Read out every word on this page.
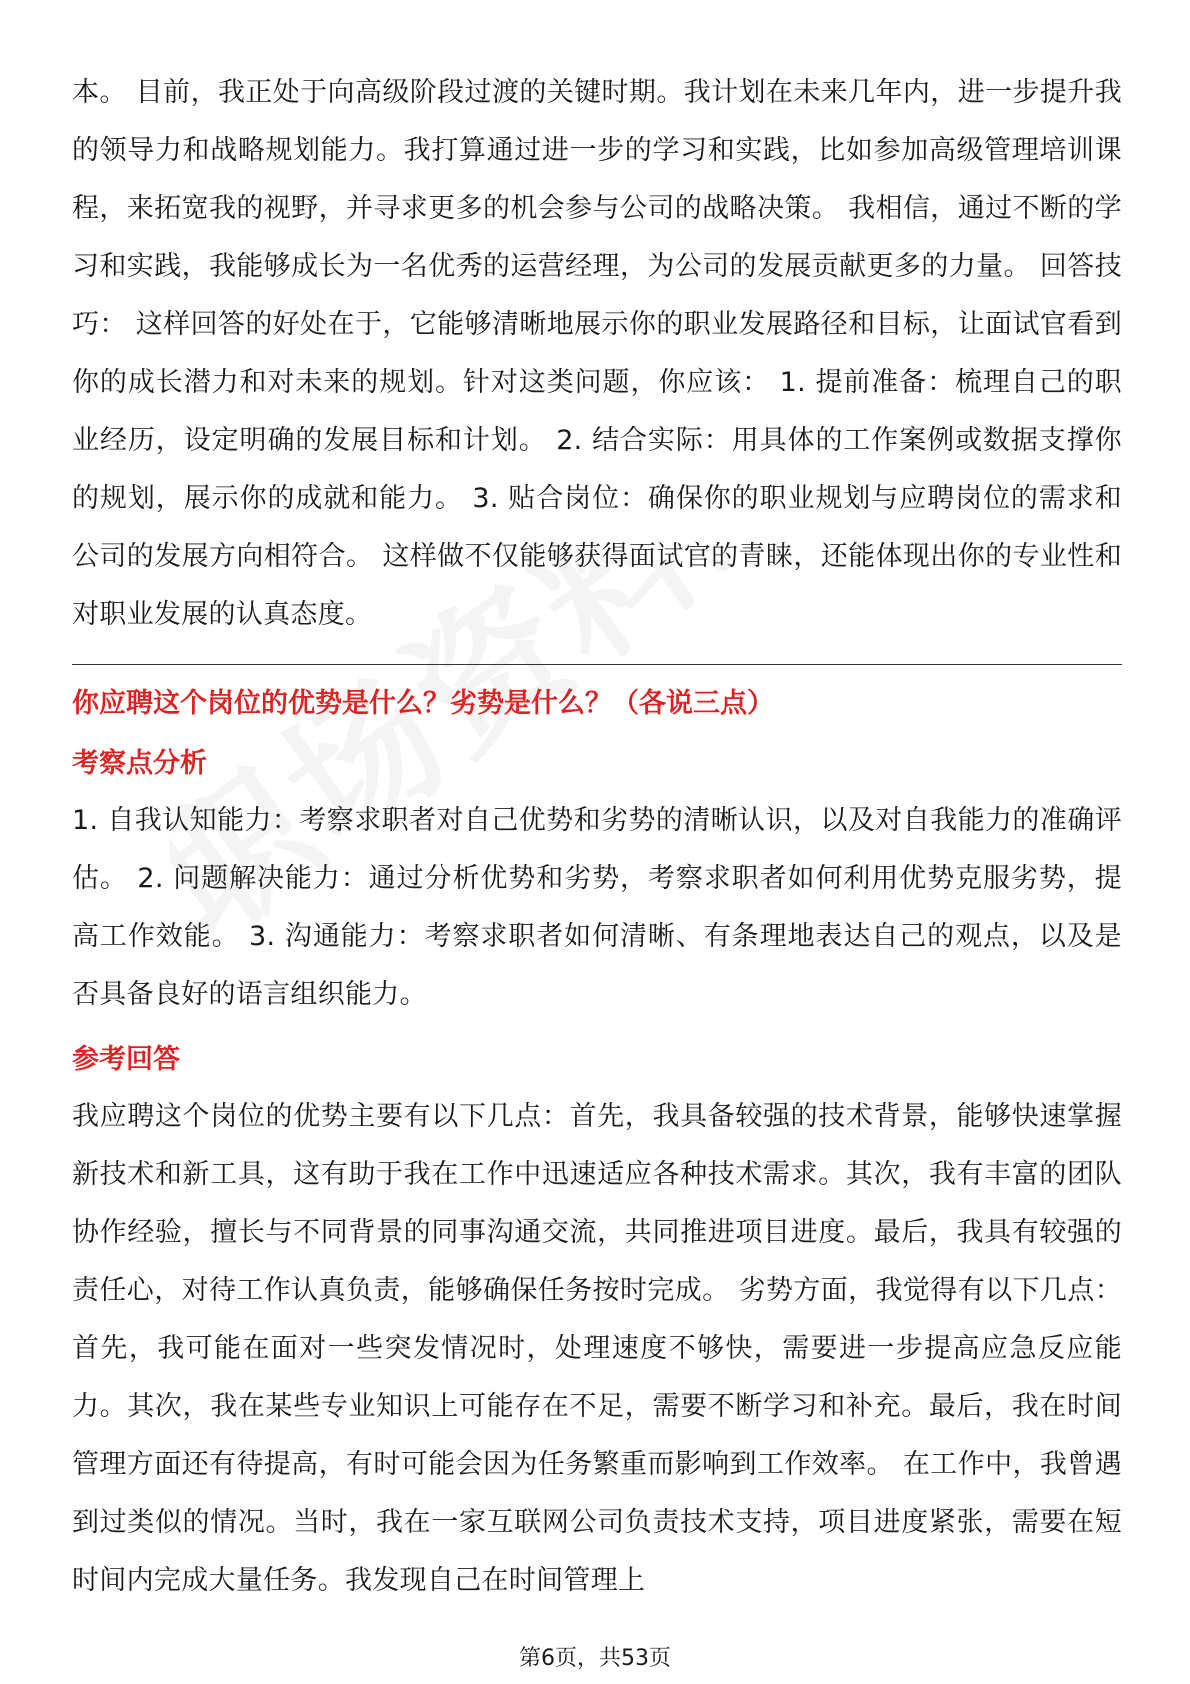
本。 目前，我正处于向高级阶段过渡的关键时期。我计划在未来几年内，进一步提升我的领导力和战略规划能力。我打算通过进一步的学习和实践，比如参加高级管理培训课程，来拓宽我的视野，并寻求更多的机会参与公司的战略决策。 我相信，通过不断的学习和实践，我能够成长为一名优秀的运营经理，为公司的发展贡献更多的力量。 回答技巧： 这样回答的好处在于，它能够清晰地展示你的职业发展路径和目标，让面试官看到你的成长潜力和对未来的规划。针对这类问题，你应该： 1. 提前准备：梳理自己的职业经历，设定明确的发展目标和计划。 2. 结合实际：用具体的工作案例或数据支撑你的规划，展示你的成就和能力。 3. 贴合岗位：确保你的职业规划与应聘岗位的需求和公司的发展方向相符合。 这样做不仅能够获得面试官的青睐，还能体现出你的专业性和对职业发展的认真态度。
你应聘这个岗位的优势是什么？劣势是什么？（各说三点）
考察点分析
1. 自我认知能力：考察求职者对自己优势和劣势的清晰认识，以及对自我能力的准确评估。 2. 问题解决能力：通过分析优势和劣势，考察求职者如何利用优势克服劣势，提高工作效能。 3. 沟通能力：考察求职者如何清晰、有条理地表达自己的观点，以及是否具备良好的语言组织能力。
参考回答
我应聘这个岗位的优势主要有以下几点：首先，我具备较强的技术背景，能够快速掌握新技术和新工具，这有助于我在工作中迅速适应各种技术需求。其次，我有丰富的团队协作经验，擅长与不同背景的同事沟通交流，共同推进项目进度。最后，我具有较强的责任心，对待工作认真负责，能够确保任务按时完成。 劣势方面，我觉得有以下几点：首先，我可能在面对一些突发情况时，处理速度不够快，需要进一步提高应急反应能力。其次，我在某些专业知识上可能存在不足，需要不断学习和补充。最后，我在时间管理方面还有待提高，有时可能会因为任务繁重而影响到工作效率。 在工作中，我曾遇到过类似的情况。当时，我在一家互联网公司负责技术支持，项目进度紧张，需要在短时间内完成大量任务。我发现自己在时间管理上
第6页，共53页
